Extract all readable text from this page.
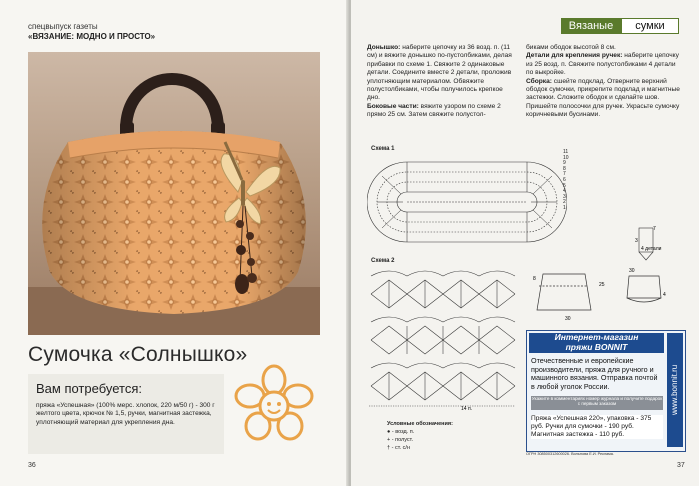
спецвыпуск газеты
«ВЯЗАНИЕ: МОДНО И ПРОСТО»
Сумочка «Солнышко»
Вам потребуется:
пряжа «Успешная» (100% мерс. хлопок, 220 м/50 г) - 300 г желтого цвета, крючок № 1,5, ручки, магнитная застежка, уплотняющий материал для укрепления дна.
36
Вязаные	сумки
Донышко: наберите цепочку из 36 возд. п. (11 см) и вяжите донышко по-пустолбиками, делая прибавки по схеме 1. Свяжите 2 одинаковые детали. Соедините вместе 2 детали, проложив уплотняющим материалом. Обвяжите полустолбиками, чтобы получилось крепкое дно.
Боковые части: вяжите узором по схеме 2 прямо 25 см. Затем свяжите полустол-
биками ободок высотой 8 см.
Детали для крепления ручек: наберите цепочку из 25 возд. п. Свяжите полустолбиками 4 детали по выкройке.
Сборка: сшейте подклад. Отверните верхний ободок сумочки, прикрепите подклад и магнитные застежки. Сложите ободок и сделайте шов. Пришейте полосочки для ручек. Украсьте сумочку коричневыми бусинами.
Схема 1
Схема 2
11
10
9
8
7
6
5
4
3
2
1
4 детали
7
3
30
25
8
30
4
14 п.
Условные обозначения:
● - возд. п.
+ - полуст.
† - ст. с/н
Интернет-магазин
пряжи BONNIT
Отечественные и европейские производители, пряжа для ручного и машинного вязания. Отправка почтой в любой уголок России.
Укажите в комментариях номер журнала и получите подарок с первым заказом
Пряжа «Успешная 220», упаковка - 375 руб. Ручки для сумочки - 190 руб.
Магнитная застежка - 110 руб.
www.bonnit.ru
ОГРН 308500312600026. Вольнова Е.И. Реклама.
37
